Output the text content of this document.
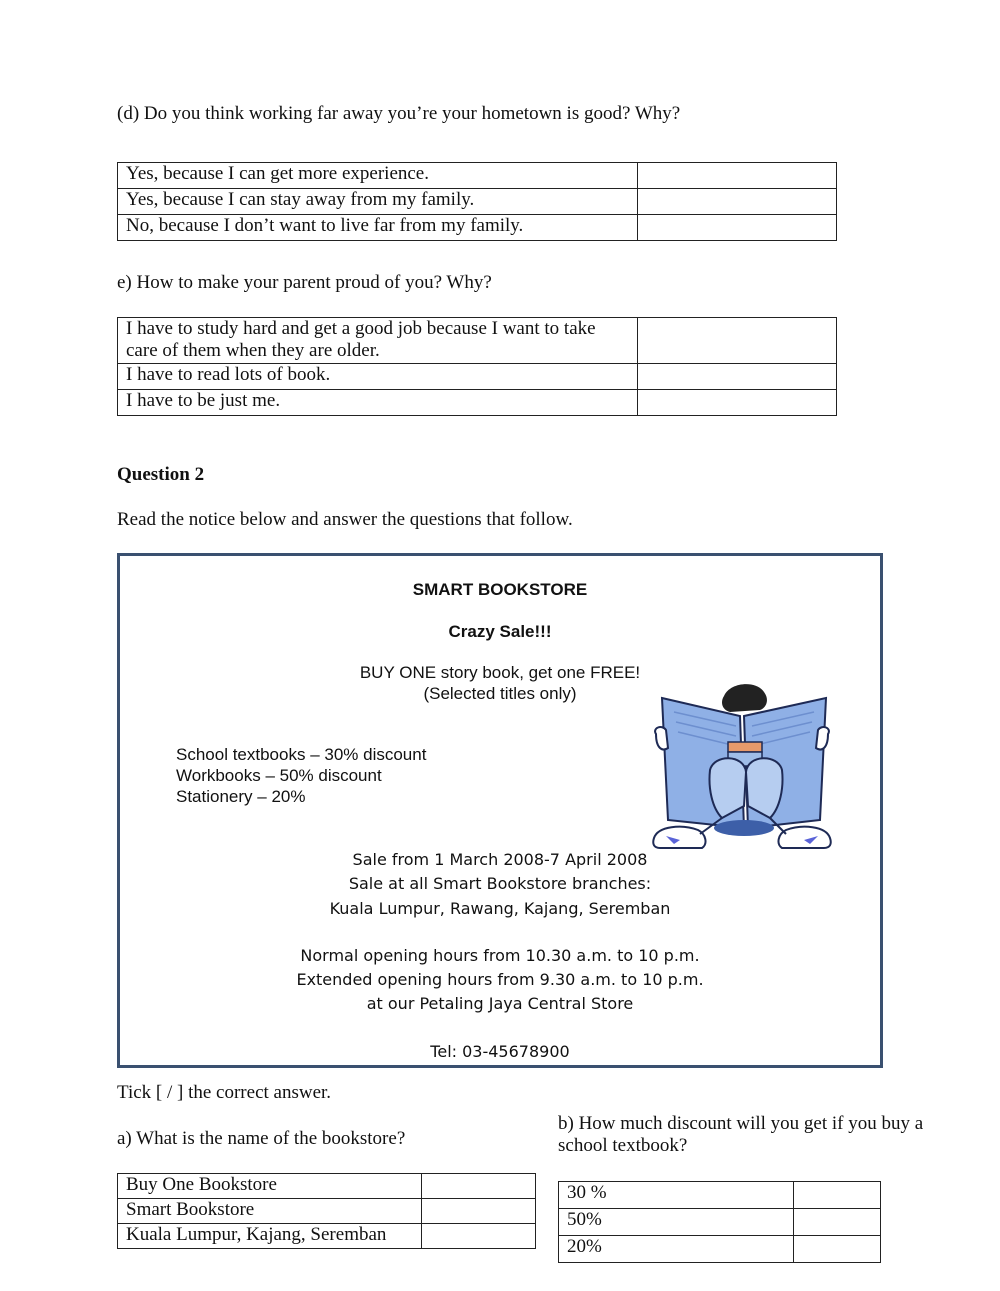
(d) Do you think working far away you’re your hometown is good? Why?
Yes, because I can get more experience.	
Yes, because I can stay away from my family.	
No, because I don’t want to live far from my family.	
e) How to make your parent proud of you? Why?
I have to study hard and get a good job because I want to take care of them when they are older.	
I have to read lots of book.	
I have to be just me.	
Question 2
Read the notice below and answer the questions that follow.
SMART BOOKSTORE
Crazy Sale!!!
BUY ONE story book, get one FREE!
(Selected titles only)
School textbooks – 30% discount
Workbooks – 50% discount
Stationery – 20%
Sale from 1 March 2008-7 April 2008
Sale at all Smart Bookstore branches:
Kuala Lumpur, Rawang, Kajang, Seremban
Normal opening hours from 10.30 a.m. to 10 p.m.
Extended opening hours from 9.30 a.m. to 10 p.m.
at our Petaling Jaya Central Store
Tel: 03-45678900
Tick [ / ] the correct answer.
a) What is the name of the bookstore?
Buy One Bookstore	
Smart Bookstore	
Kuala Lumpur, Kajang, Seremban	
b) How much discount will you get if you buy a school textbook?
30 %	
50%	
20%	
